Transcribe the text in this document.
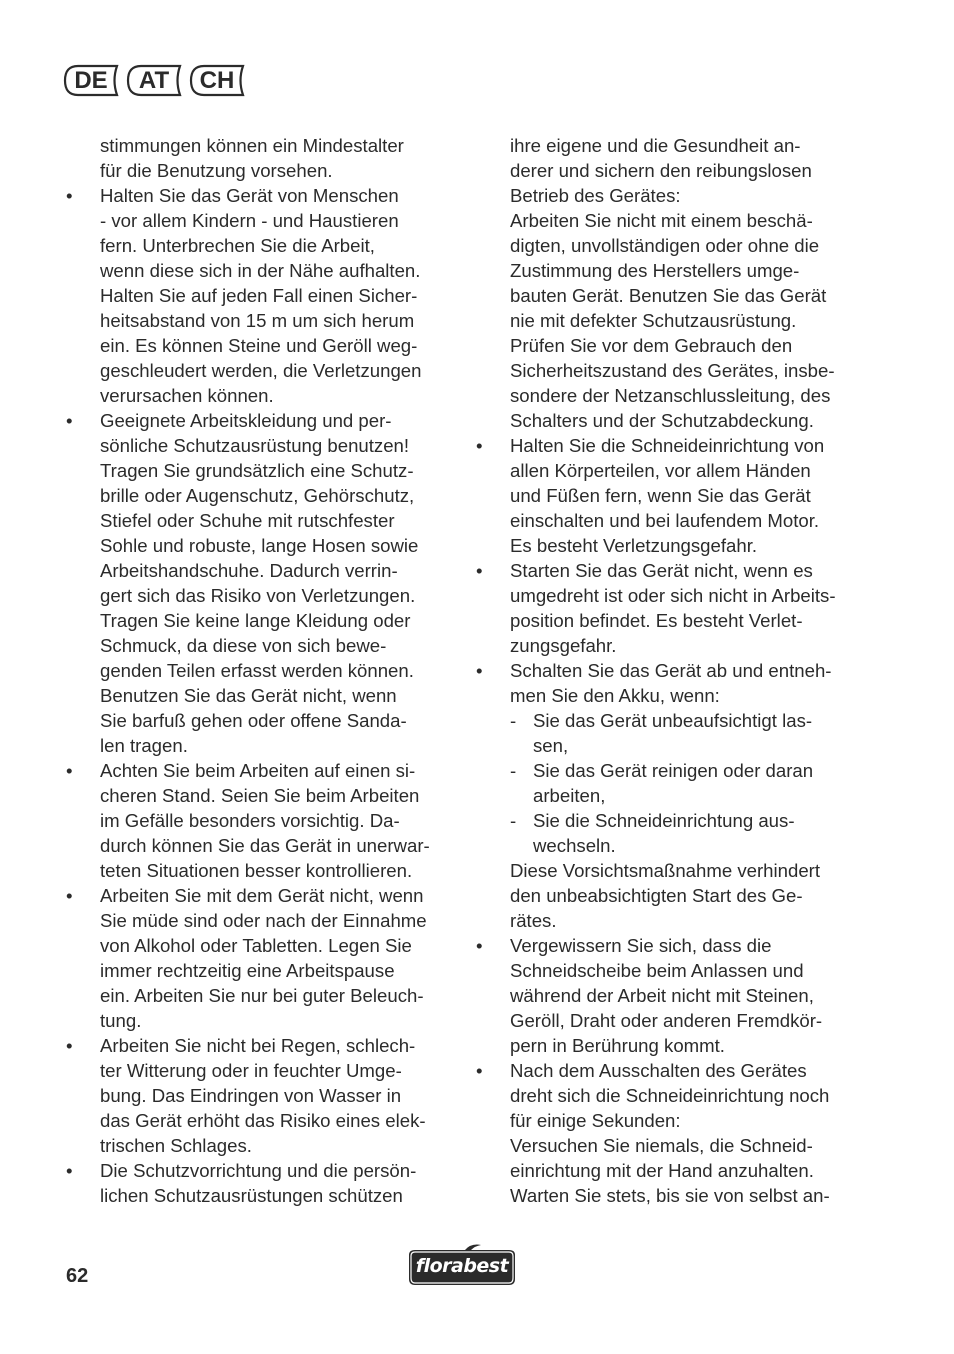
DE AT CH
stimmungen können ein Mindestalter
für die Benutzung vorsehen.
• Halten Sie das Gerät von Menschen
- vor allem Kindern - und Haustieren
fern. Unterbrechen Sie die Arbeit,
wenn diese sich in der Nähe aufhalten.
Halten Sie auf jeden Fall einen Sicher-
heitsabstand von 15 m um sich herum
ein. Es können Steine und Geröll weg-
geschleudert werden, die Verletzungen
verursachen können.
• Geeignete Arbeitskleidung und per-
sönliche Schutzausrüstung benutzen!
Tragen Sie grundsätzlich eine Schutz-
brille oder Augenschutz, Gehörschutz,
Stiefel oder Schuhe mit rutschfester
Sohle und robuste, lange Hosen sowie
Arbeitshandschuhe. Dadurch verrin-
gert sich das Risiko von Verletzungen.
Tragen Sie keine lange Kleidung oder
Schmuck, da diese von sich bewe-
genden Teilen erfasst werden können.
Benutzen Sie das Gerät nicht, wenn
Sie barfuß gehen oder offene Sanda-
len tragen.
• Achten Sie beim Arbeiten auf einen si-
cheren Stand. Seien Sie beim Arbeiten
im Gefälle besonders vorsichtig. Da-
durch können Sie das Gerät in unerwar-
teten Situationen besser kontrollieren.
• Arbeiten Sie mit dem Gerät nicht, wenn
Sie müde sind oder nach der Einnahme
von Alkohol oder Tabletten. Legen Sie
immer rechtzeitig eine Arbeitspause
ein. Arbeiten Sie nur bei guter Beleuch-
tung.
• Arbeiten Sie nicht bei Regen, schlech-
ter Witterung oder in feuchter Umge-
bung. Das Eindringen von Wasser in
das Gerät erhöht das Risiko eines elek-
trischen Schlages.
• Die Schutzvorrichtung und die persön-
lichen Schutzausrüstungen schützen
ihre eigene und die Gesundheit an-
derer und sichern den reibungslosen
Betrieb des Gerätes:
Arbeiten Sie nicht mit einem beschä-
digten, unvollständigen oder ohne die
Zustimmung des Herstellers umge-
bauten Gerät. Benutzen Sie das Gerät
nie mit defekter Schutzausrüstung.
Prüfen Sie vor dem Gebrauch den
Sicherheitszustand des Gerätes, insbe-
sondere der Netzanschlussleitung, des
Schalters und der Schutzabdeckung.
• Halten Sie die Schneideinrichtung von
allen Körperteilen, vor allem Händen
und Füßen fern, wenn Sie das Gerät
einschalten und bei laufendem Motor.
Es besteht Verletzungsgefahr.
• Starten Sie das Gerät nicht, wenn es
umgedreht ist oder sich nicht in Arbeits-
position befindet. Es besteht Verlet-
zungsgefahr.
• Schalten Sie das Gerät ab und entneh-
men Sie den Akku, wenn:
- Sie das Gerät unbeaufsichtigt las-
sen,
- Sie das Gerät reinigen oder daran
arbeiten,
- Sie die Schneideinrichtung aus-
wechseln.
Diese Vorsichtsmaßnahme verhindert
den unbeabsichtigten Start des Ge-
rätes.
• Vergewissern Sie sich, dass die
Schneidscheibe beim Anlassen und
während der Arbeit nicht mit Steinen,
Geröll, Draht oder anderen Fremdkör-
pern in Berührung kommt.
• Nach dem Ausschalten des Gerätes
dreht sich die Schneideinrichtung noch
für einige Sekunden:
Versuchen Sie niemals, die Schneid-
einrichtung mit der Hand anzuhalten.
Warten Sie stets, bis sie von selbst an-
62	florabest
